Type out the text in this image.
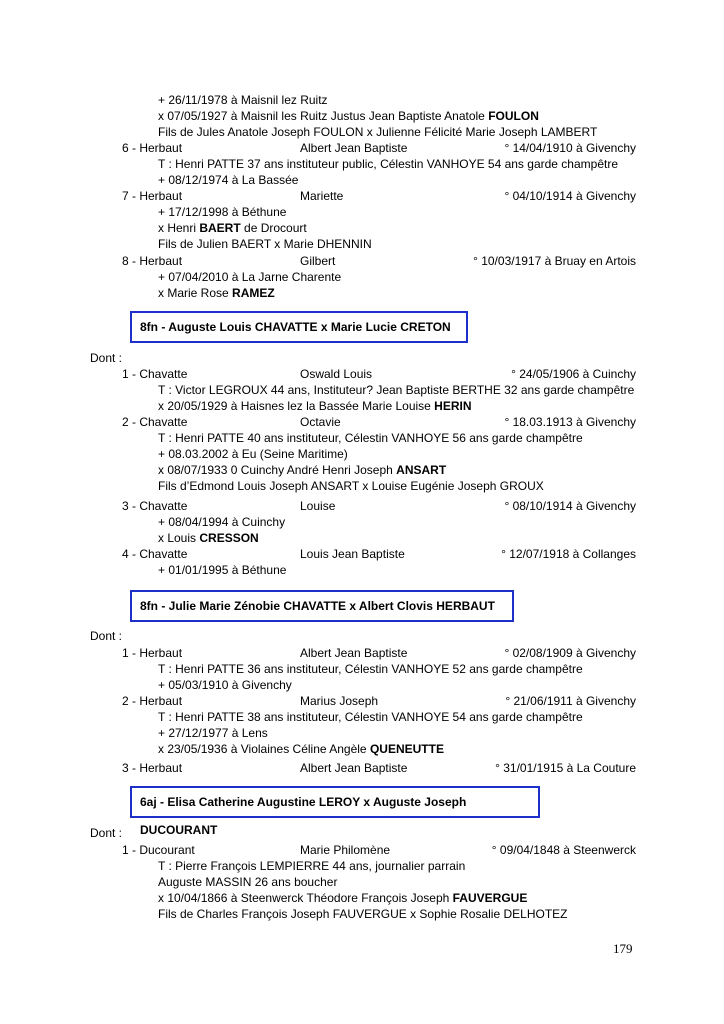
+ 26/11/1978 à Maisnil lez Ruitz
x 07/05/1927 à Maisnil les Ruitz Justus Jean Baptiste Anatole FOULON
Fils de Jules Anatole Joseph FOULON x Julienne Félicité Marie Joseph LAMBERT
6 - Herbaut	Albert Jean Baptiste	° 14/04/1910 à Givenchy
T : Henri PATTE 37 ans instituteur public, Célestin VANHOYE 54 ans garde champêtre
+ 08/12/1974 à La Bassée
7 - Herbaut	Mariette	° 04/10/1914 à Givenchy
+ 17/12/1998 à Béthune
x Henri BAERT de Drocourt
Fils de Julien BAERT x Marie DHENNIN
8 - Herbaut	Gilbert	° 10/03/1917 à Bruay en Artois
+ 07/04/2010 à La Jarne Charente
x Marie Rose RAMEZ
8fn - Auguste Louis CHAVATTE x Marie Lucie CRETON
Dont :
1 - Chavatte	Oswald Louis	° 24/05/1906 à Cuinchy
T : Victor LEGROUX 44 ans, Instituteur? Jean Baptiste BERTHE 32 ans garde champêtre
x 20/05/1929 à Haisnes lez la Bassée Marie Louise HERIN
2 - Chavatte	Octavie	° 18.03.1913 à Givenchy
T : Henri PATTE 40 ans instituteur, Célestin VANHOYE 56 ans garde champêtre
+ 08.03.2002 à Eu (Seine Maritime)
x 08/07/1933 0 Cuinchy André Henri Joseph ANSART
Fils d’Edmond Louis Joseph ANSART x Louise Eugénie Joseph GROUX
3 - Chavatte	Louise	° 08/10/1914 à Givenchy
+ 08/04/1994 à Cuinchy
x Louis CRESSON
4 - Chavatte	Louis Jean Baptiste	° 12/07/1918 à Collanges
+ 01/01/1995 à Béthune
8fn - Julie Marie Zénobie CHAVATTE x Albert Clovis HERBAUT
Dont :
1 - Herbaut	Albert Jean Baptiste	° 02/08/1909 à Givenchy
T : Henri PATTE 36 ans instituteur, Célestin VANHOYE 52 ans garde champêtre
+ 05/03/1910 à Givenchy
2 - Herbaut	Marius Joseph	° 21/06/1911 à Givenchy
T : Henri PATTE 38 ans instituteur, Célestin VANHOYE 54 ans garde champêtre
+ 27/12/1977 à Lens
x 23/05/1936 à Violaines Céline Angèle QUENEUTTE
3 - Herbaut	Albert Jean Baptiste	° 31/01/1915 à La Couture
6aj - Elisa Catherine Augustine LEROY x Auguste Joseph DUCOURANT
Dont :
1 - Ducourant	Marie Philomène	° 09/04/1848 à Steenwerck
T : Pierre François LEMPIERRE 44 ans, journalier parrain
Auguste MASSIN 26 ans boucher
x 10/04/1866 à Steenwerck Théodore François Joseph FAUVERGUE
Fils de Charles François Joseph FAUVERGUE x Sophie Rosalie DELHOTEZ
179
